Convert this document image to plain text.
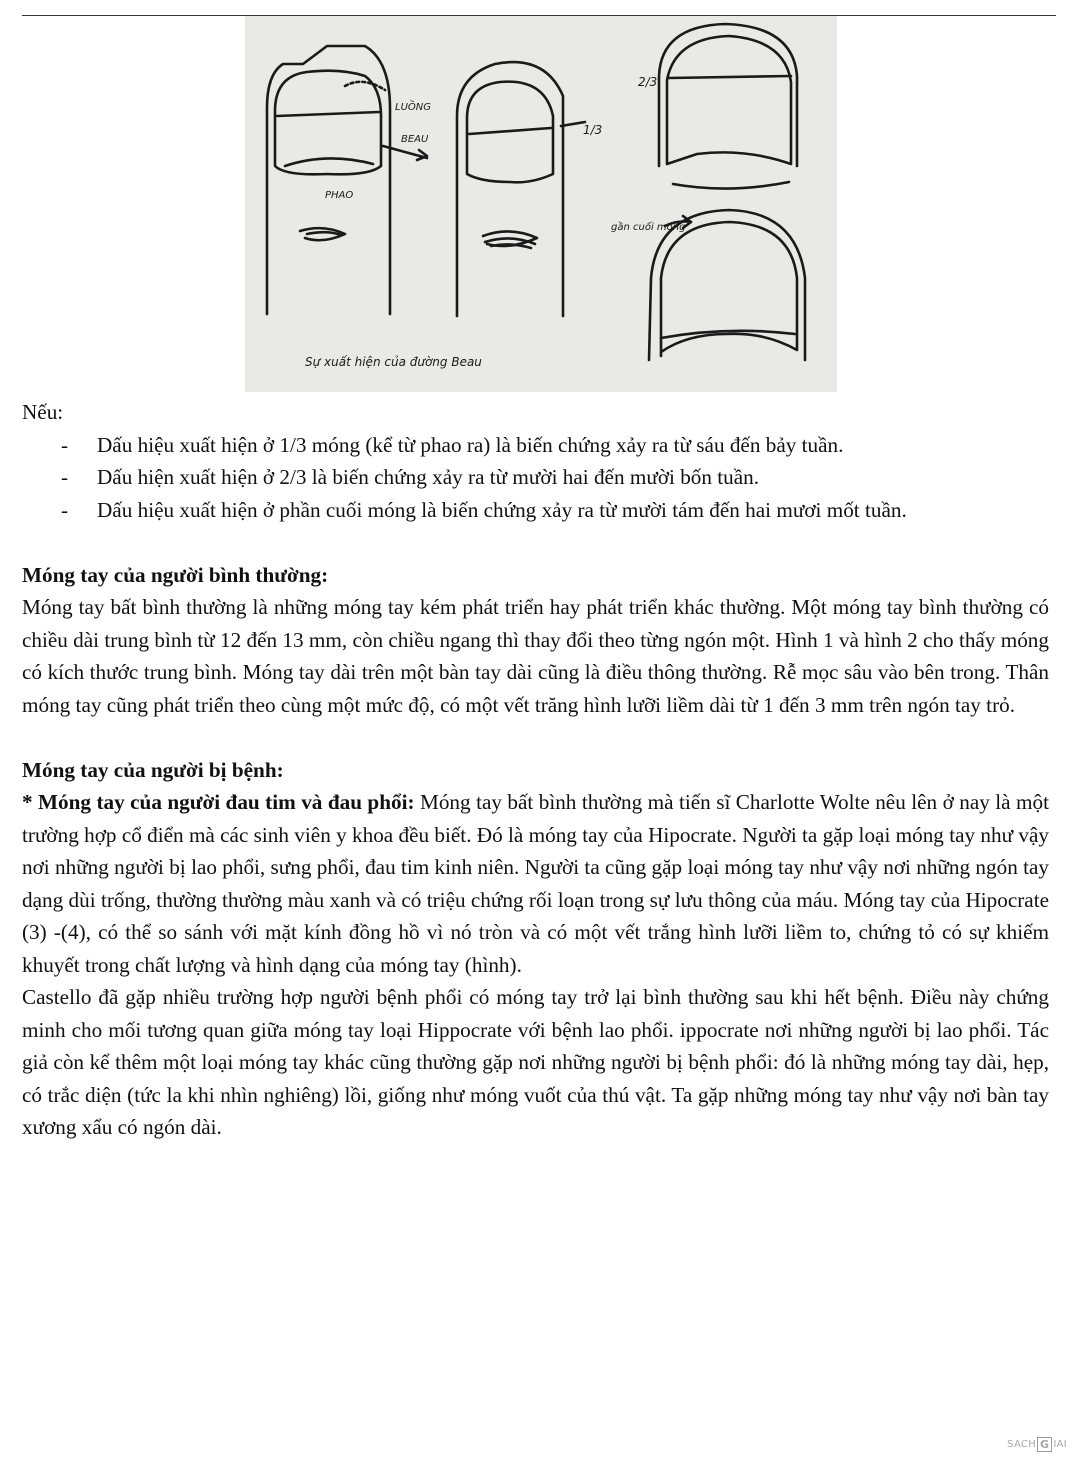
LUỒNG
BEAU
1/3
2/3
PHAO
gần cuối móng
Sự xuất hiện của đường Beau

Nếu:

- Dấu hiệu xuất hiện ở 1/3 móng (kể từ phao ra) là biến chứng xảy ra từ sáu đến bảy tuần.
- Dấu hiện xuất hiện ở 2/3 là biến chứng xảy ra từ mười hai đến mười bốn tuần.
- Dấu hiệu xuất hiện ở phần cuối móng là biến chứng xảy ra từ mười tám đến hai mươi mốt tuần.
Móng tay của người bình thường:

Móng tay bất bình thường là những móng tay kém phát triển hay phát triển khác thường. Một móng tay bình thường có chiều dài trung bình từ 12 đến 13 mm, còn chiều ngang thì thay đổi theo từng ngón một. Hình 1 và hình 2 cho thấy móng có kích thước trung bình. Móng tay dài trên một bàn tay dài cũng là điều thông thường. Rễ mọc sâu vào bên trong. Thân móng tay cũng phát triển theo cùng một mức độ, có một vết trăng hình lưỡi liềm dài từ 1 đến 3 mm trên ngón tay trỏ.

Móng tay của người bị bệnh:

* Móng tay của người đau tim và đau phổi: Móng tay bất bình thường mà tiến sĩ Charlotte Wolte nêu lên ở nay là một trường hợp cổ điển mà các sinh viên y khoa đều biết. Đó là móng tay của Hipocrate. Người ta gặp loại móng tay như vậy nơi những người bị lao phổi, sưng phổi, đau tim kinh niên. Người ta cũng gặp loại móng tay như vậy nơi những ngón tay dạng dùi trống, thường thường màu xanh và có triệu chứng rối loạn trong sự lưu thông của máu. Móng tay của Hipocrate (3) -(4), có thể so sánh với mặt kính đồng hồ vì nó tròn và có một vết trắng hình lưỡi liềm to, chứng tỏ có sự khiếm khuyết trong chất lượng và hình dạng của móng tay (hình).

Castello đã gặp nhiều trường hợp người bệnh phổi có móng tay trở lại bình thường sau khi hết bệnh. Điều này chứng minh cho mối tương quan giữa móng tay loại Hippocrate với bệnh lao phổi. ippocrate nơi những người bị lao phổi. Tác giả còn kể thêm một loại móng tay khác cũng thường gặp nơi những người bị bệnh phổi: đó là những móng tay dài, hẹp, có trắc diện (tức la khi nhìn nghiêng) lồi, giống như móng vuốt của thú vật. Ta gặp những móng tay như vậy nơi bàn tay xương xẩu có ngón dài.

SACH G IAI
